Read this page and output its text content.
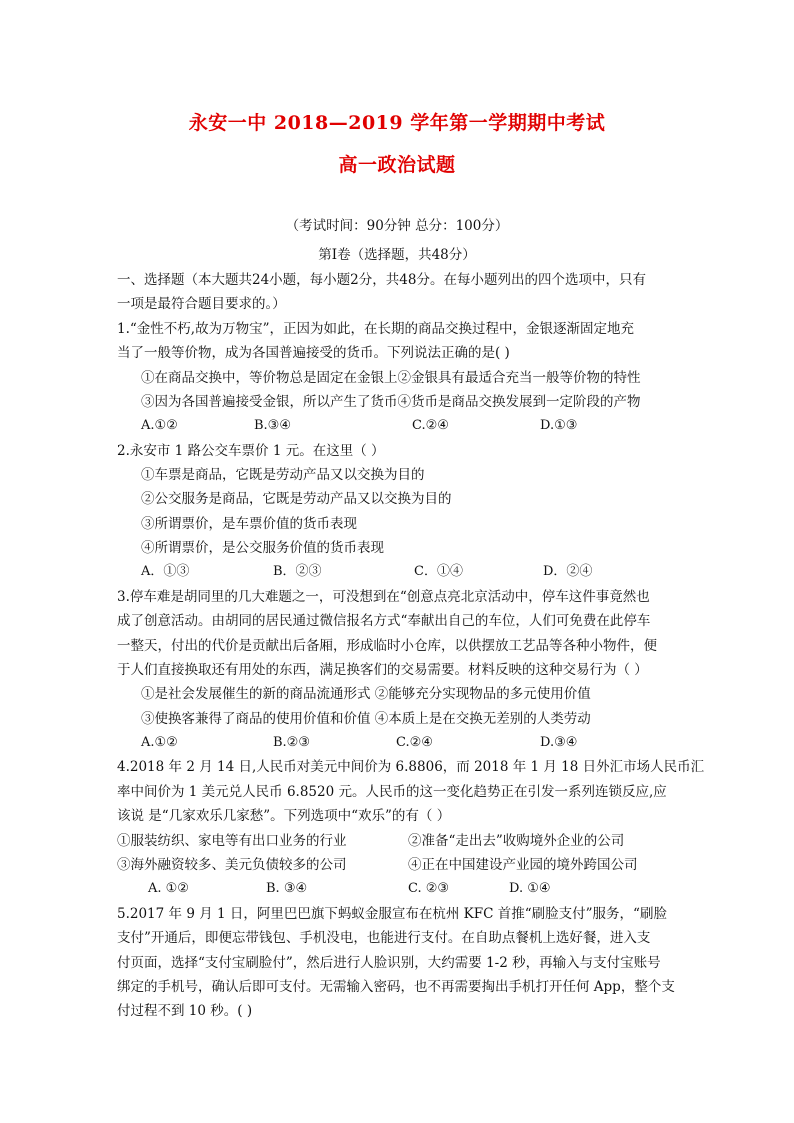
永安一中 2018—2019 学年第一学期期中考试
高一政治试题
（考试时间：90分钟 总分：100分）
第Ⅰ卷（选择题，共48分）
一、选择题（本大题共24小题，每小题2分，共48分。在每小题列出的四个选项中，只有
一项是最符合题目要求的。）
1.“金性不朽,故为万物宝”，正因为如此，在长期的商品交换过程中，金银逐渐固定地充
当了一般等价物，成为各国普遍接受的货币。下列说法正确的是( )
①在商品交换中，等价物总是固定在金银上②金银具有最适合充当一般等价物的特性
③因为各国普遍接受金银，所以产生了货币④货币是商品交换发展到一定阶段的产物
A.①②	B.③④	C.②④	D.①③
2.永安市 1 路公交车票价 1 元。在这里（ ）
①车票是商品，它既是劳动产品又以交换为目的
②公交服务是商品，它既是劳动产品又以交换为目的
③所谓票价，是车票价值的货币表现
④所谓票价，是公交服务价值的货币表现
A．①③	B．②③	C．①④	D．②④
3.停车难是胡同里的几大难题之一，可没想到在“创意点亮北京活动中，停车这件事竟然也
成了创意活动。由胡同的居民通过微信报名方式“奉献出自己的车位，人们可免费在此停车
一整天，付出的代价是贡献出后备厢，形成临时小仓库，以供摆放工艺品等各种小物件，便
于人们直接换取还有用处的东西，满足换客们的交易需要。材料反映的这种交易行为（ ）
①是社会发展催生的新的商品流通形式 ②能够充分实现物品的多元使用价值
③使换客兼得了商品的使用价值和价值 ④本质上是在交换无差别的人类劳动
A.①②	B.②③	C.②④	D.③④
4.2018 年 2 月 14 日,人民币对美元中间价为 6.8806，而 2018 年 1 月 18 日外汇市场人民币汇
率中间价为 1 美元兑人民币 6.8520 元。人民币的这一变化趋势正在引发一系列连锁反应,应
该说 是“几家欢乐几家愁”。下列选项中“欢乐”的有（ ）
①服装纺织、家电等有出口业务的行业	②准备“走出去”收购境外企业的公司
③海外融资较多、美元负债较多的公司	④正在中国建设产业园的境外跨国公司
A. ①②	B. ③④	C. ②③	D. ①④
5.2017 年 9 月 1 日，阿里巴巴旗下蚂蚁金服宣布在杭州 KFC 首推“刷脸支付”服务，“刷脸
支付”开通后，即便忘带钱包、手机没电，也能进行支付。在自助点餐机上选好餐，进入支
付页面，选择“支付宝刷脸付”，然后进行人脸识别，大约需要 1-2 秒，再输入与支付宝账号
绑定的手机号，确认后即可支付。无需输入密码，也不再需要掏出手机打开任何 App，整个支
付过程不到 10 秒。( )
